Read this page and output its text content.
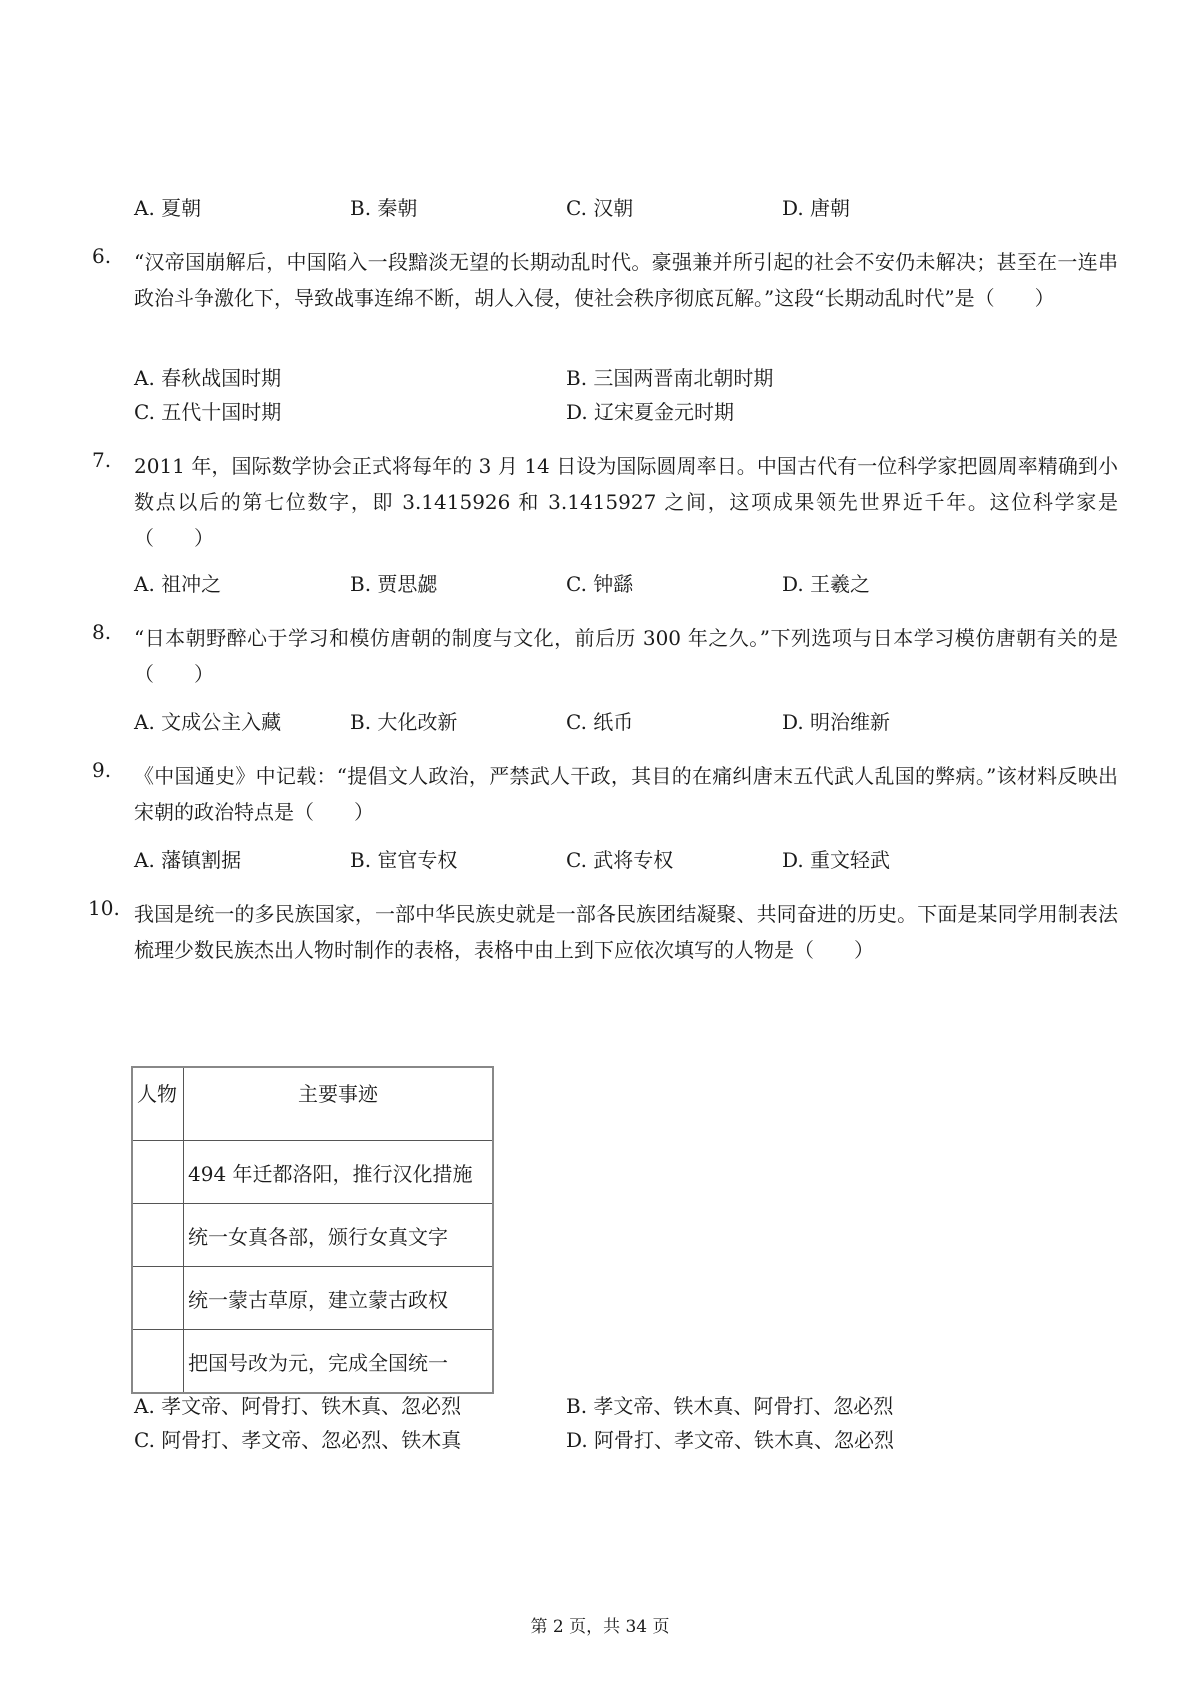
A. 夏朝	B. 秦朝	C. 汉朝	D. 唐朝
6. “汉帝国崩解后，中国陷入一段黯淡无望的长期动乱时代。豪强兼并所引起的社会不安仍未解决；甚至在一连串政治斗争激化下，导致战事连绵不断，胡人入侵，使社会秩序彻底瓦解。”这段“长期动乱时代”是（　　）
A. 春秋战国时期	B. 三国两晋南北朝时期
C. 五代十国时期	D. 辽宋夏金元时期
7. 2011 年，国际数学协会正式将每年的 3 月 14 日设为国际圆周率日。中国古代有一位科学家把圆周率精确到小数点以后的第七位数字，即 3.1415926 和 3.1415927 之间，这项成果领先世界近千年。这位科学家是（　　）
A. 祖冲之	B. 贾思勰	C. 钟繇	D. 王羲之
8. “日本朝野醉心于学习和模仿唐朝的制度与文化，前后历 300 年之久。”下列选项与日本学习模仿唐朝有关的是（　　）
A. 文成公主入藏	B. 大化改新	C. 纸币	D. 明治维新
9. 《中国通史》中记载：“提倡文人政治，严禁武人干政，其目的在痛纠唐末五代武人乱国的弊病。”该材料反映出宋朝的政治特点是（　　）
A. 藩镇割据	B. 宦官专权	C. 武将专权	D. 重文轻武
10. 我国是统一的多民族国家，一部中华民族史就是一部各民族团结凝聚、共同奋进的历史。下面是某同学用制表法梳理少数民族杰出人物时制作的表格，表格中由上到下应依次填写的人物是（　　）
人物	主要事迹
	494 年迁都洛阳，推行汉化措施
	统一女真各部，颁行女真文字
	统一蒙古草原，建立蒙古政权
	把国号改为元，完成全国统一
A. 孝文帝、阿骨打、铁木真、忽必烈	B. 孝文帝、铁木真、阿骨打、忽必烈
C. 阿骨打、孝文帝、忽必烈、铁木真	D. 阿骨打、孝文帝、铁木真、忽必烈
第 2 页，共 34 页
